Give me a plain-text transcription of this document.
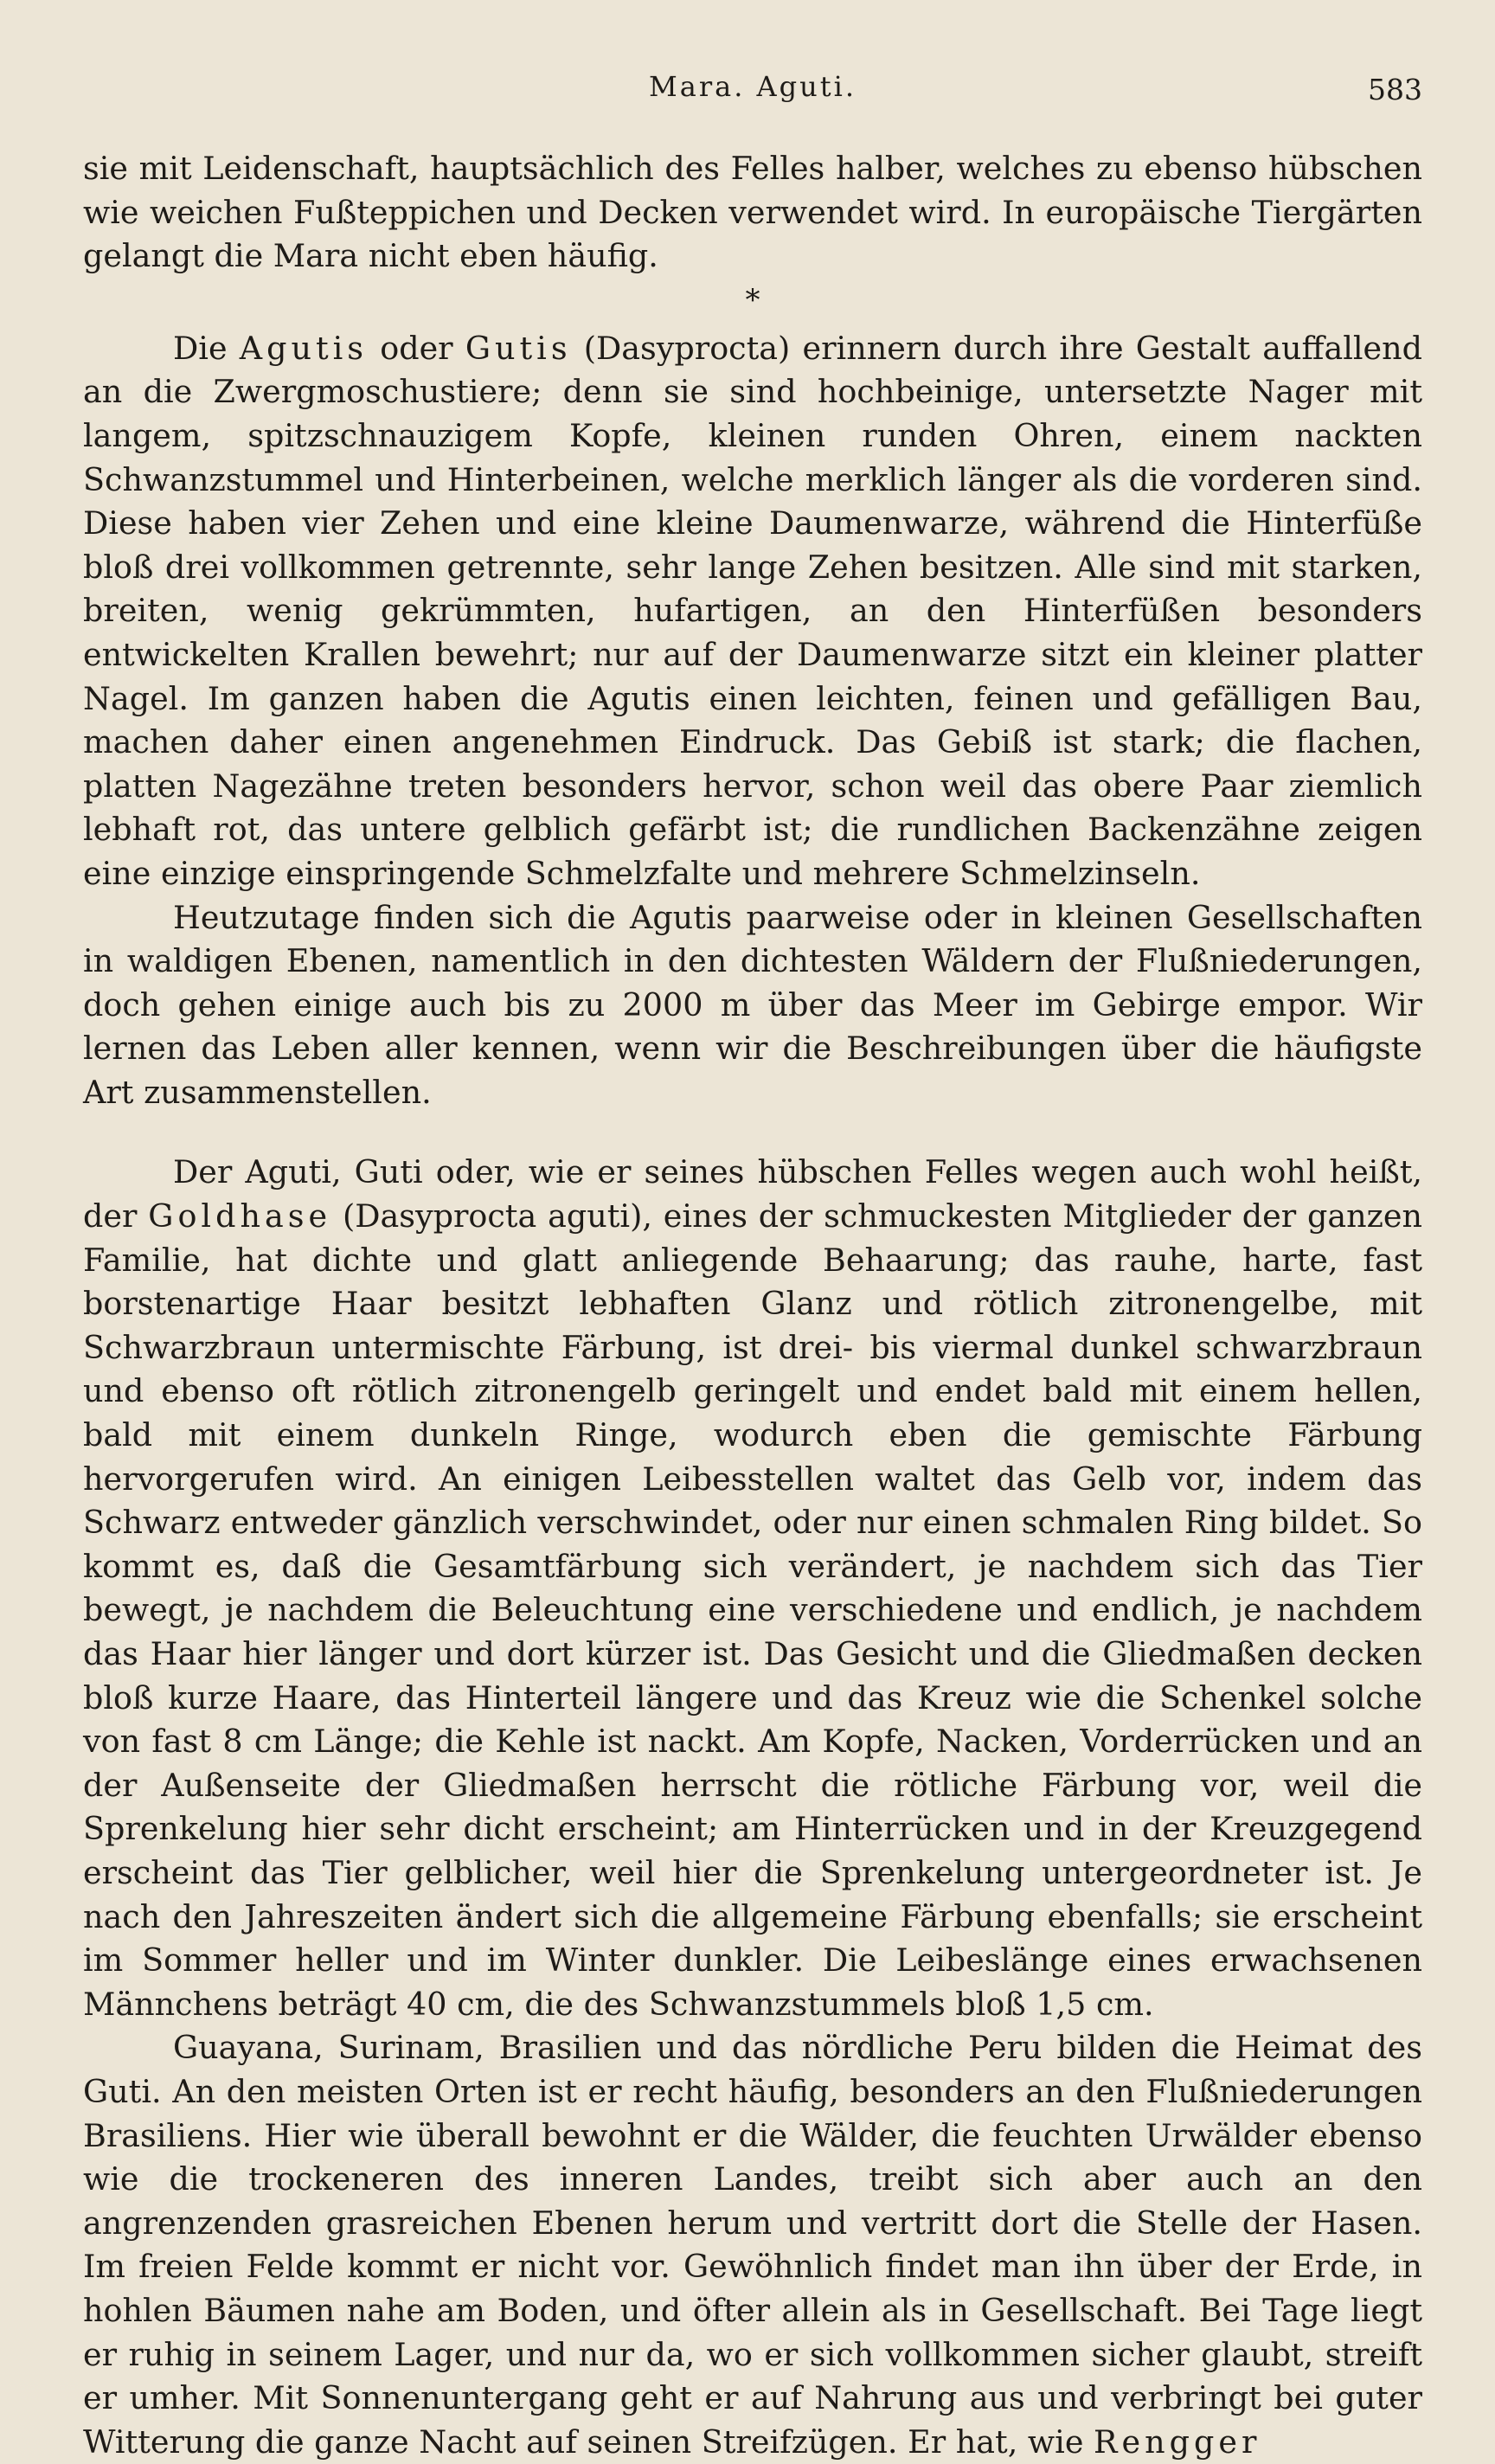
Mara. Aguti.	583

sie mit Leidenschaft, hauptsächlich des Felles halber, welches zu ebenso hübschen wie weichen Fußteppichen und Decken verwendet wird. In europäische Tiergärten gelangt die Mara nicht eben häufig.

*

Die Agutis oder Gutis (Dasyprocta) erinnern durch ihre Gestalt auffallend an die Zwergmoschustiere; denn sie sind hochbeinige, untersetzte Nager mit langem, spitzschnauzigem Kopfe, kleinen runden Ohren, einem nackten Schwanzstummel und Hinterbeinen, welche merklich länger als die vorderen sind. Diese haben vier Zehen und eine kleine Daumenwarze, während die Hinterfüße bloß drei vollkommen getrennte, sehr lange Zehen besitzen. Alle sind mit starken, breiten, wenig gekrümmten, hufartigen, an den Hinterfüßen besonders entwickelten Krallen bewehrt; nur auf der Daumenwarze sitzt ein kleiner platter Nagel. Im ganzen haben die Agutis einen leichten, feinen und gefälligen Bau, machen daher einen angenehmen Eindruck. Das Gebiß ist stark; die flachen, platten Nagezähne treten besonders hervor, schon weil das obere Paar ziemlich lebhaft rot, das untere gelblich gefärbt ist; die rundlichen Backenzähne zeigen eine einzige einspringende Schmelzfalte und mehrere Schmelzinseln.

Heutzutage finden sich die Agutis paarweise oder in kleinen Gesellschaften in waldigen Ebenen, namentlich in den dichtesten Wäldern der Flußniederungen, doch gehen einige auch bis zu 2000 m über das Meer im Gebirge empor. Wir lernen das Leben aller kennen, wenn wir die Beschreibungen über die häufigste Art zusammenstellen.

Der Aguti, Guti oder, wie er seines hübschen Felles wegen auch wohl heißt, der Goldhase (Dasyprocta aguti), eines der schmuckesten Mitglieder der ganzen Familie, hat dichte und glatt anliegende Behaarung; das rauhe, harte, fast borstenartige Haar besitzt lebhaften Glanz und rötlich zitronengelbe, mit Schwarzbraun untermischte Färbung, ist drei- bis viermal dunkel schwarzbraun und ebenso oft rötlich zitronengelb geringelt und endet bald mit einem hellen, bald mit einem dunkeln Ringe, wodurch eben die gemischte Färbung hervorgerufen wird. An einigen Leibesstellen waltet das Gelb vor, indem das Schwarz entweder gänzlich verschwindet, oder nur einen schmalen Ring bildet. So kommt es, daß die Gesamtfärbung sich verändert, je nachdem sich das Tier bewegt, je nachdem die Beleuchtung eine verschiedene und endlich, je nachdem das Haar hier länger und dort kürzer ist. Das Gesicht und die Gliedmaßen decken bloß kurze Haare, das Hinterteil längere und das Kreuz wie die Schenkel solche von fast 8 cm Länge; die Kehle ist nackt. Am Kopfe, Nacken, Vorderrücken und an der Außenseite der Gliedmaßen herrscht die rötliche Färbung vor, weil die Sprenkelung hier sehr dicht erscheint; am Hinterrücken und in der Kreuzgegend erscheint das Tier gelblicher, weil hier die Sprenkelung untergeordneter ist. Je nach den Jahreszeiten ändert sich die allgemeine Färbung ebenfalls; sie erscheint im Sommer heller und im Winter dunkler. Die Leibeslänge eines erwachsenen Männchens beträgt 40 cm, die des Schwanzstummels bloß 1,5 cm.

Guayana, Surinam, Brasilien und das nördliche Peru bilden die Heimat des Guti. An den meisten Orten ist er recht häufig, besonders an den Flußniederungen Brasiliens. Hier wie überall bewohnt er die Wälder, die feuchten Urwälder ebenso wie die trockeneren des inneren Landes, treibt sich aber auch an den angrenzenden grasreichen Ebenen herum und vertritt dort die Stelle der Hasen. Im freien Felde kommt er nicht vor. Gewöhnlich findet man ihn über der Erde, in hohlen Bäumen nahe am Boden, und öfter allein als in Gesellschaft. Bei Tage liegt er ruhig in seinem Lager, und nur da, wo er sich vollkommen sicher glaubt, streift er umher. Mit Sonnenuntergang geht er auf Nahrung aus und verbringt bei guter Witterung die ganze Nacht auf seinen Streifzügen. Er hat, wie Rengger
